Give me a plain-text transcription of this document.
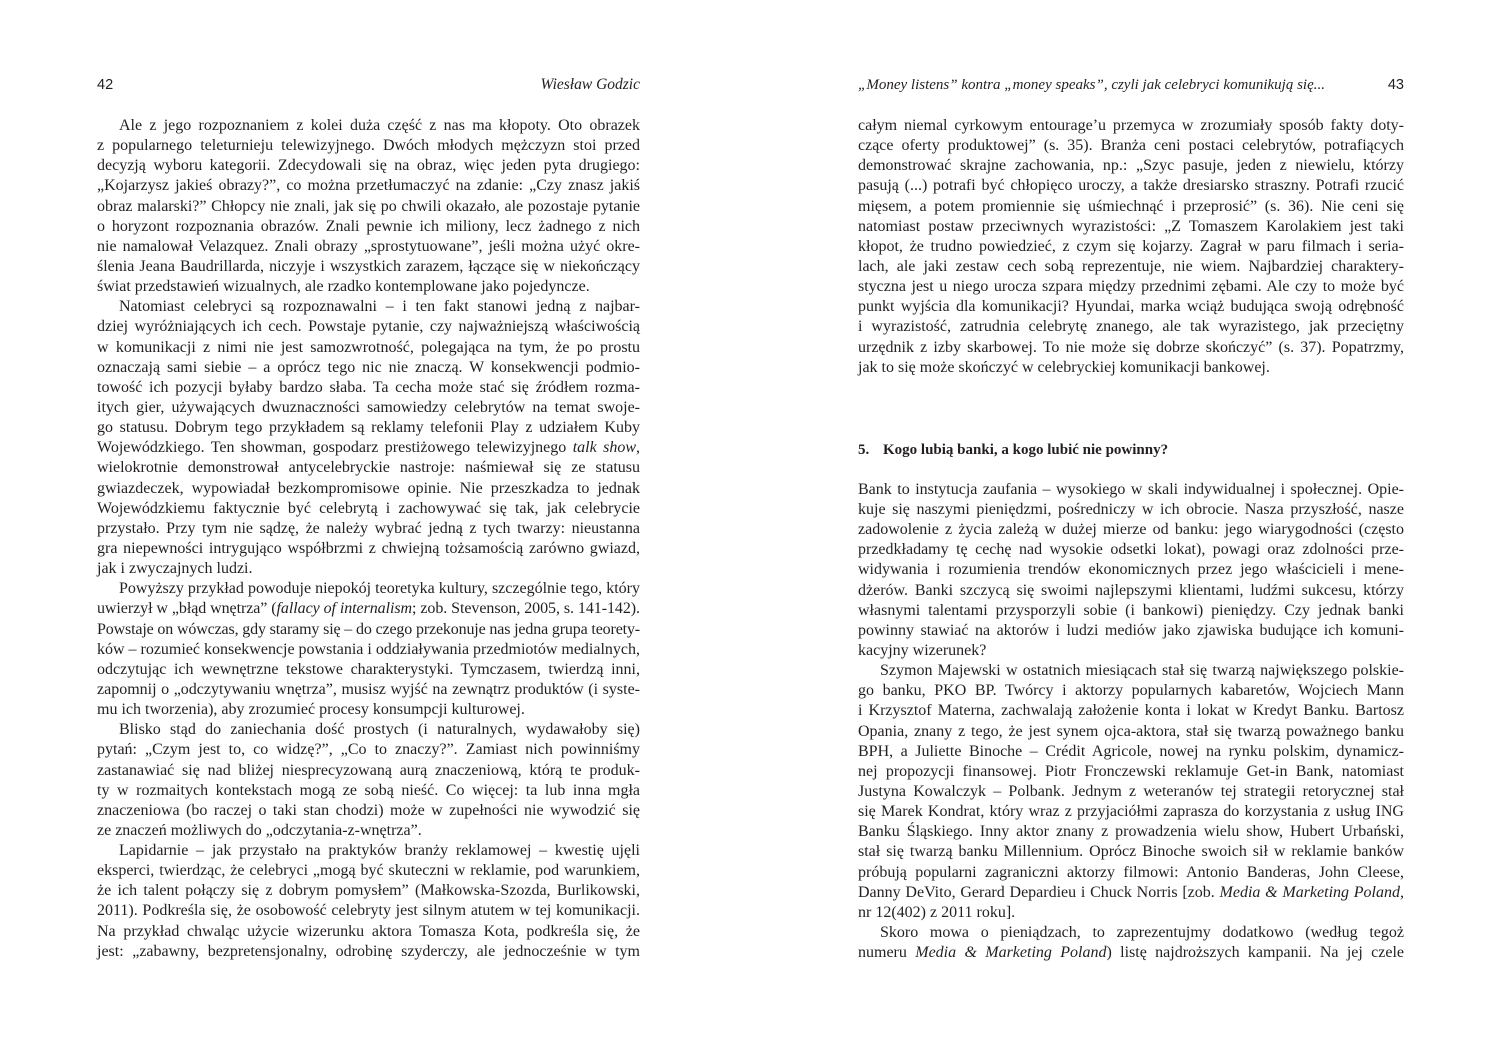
42	Wiesław Godzic
Ale z jego rozpoznaniem z kolei duża część z nas ma kłopoty. Oto obrazek
z popularnego teleturnieju telewizyjnego. Dwóch młodych mężczyzn stoi przed
decyzją wyboru kategorii. Zdecydowali się na obraz, więc jeden pyta drugiego:
„Kojarzysz jakieś obrazy?”, co można przetłumaczyć na zdanie: „Czy znasz jakiś
obraz malarski?” Chłopcy nie znali, jak się po chwili okazało, ale pozostaje pytanie
o horyzont rozpoznania obrazów. Znali pewnie ich miliony, lecz żadnego z nich
nie namalował Velazquez. Znali obrazy „sprostytuowane”, jeśli można użyć okre-
ślenia Jeana Baudrillarda, niczyje i wszystkich zarazem, łączące się w niekończący
świat przedstawień wizualnych, ale rzadko kontemplowane jako pojedyncze.
Natomiast celebryci są rozpoznawalni – i ten fakt stanowi jedną z najbar-
dziej wyróżniających ich cech. Powstaje pytanie, czy najważniejszą właściwością
w komunikacji z nimi nie jest samozwrotność, polegająca na tym, że po prostu
oznaczają sami siebie – a oprócz tego nic nie znaczą. W konsekwencji podmio-
towość ich pozycji byłaby bardzo słaba. Ta cecha może stać się źródłem rozma-
itych gier, używających dwuznaczności samowiedzy celebrytów na temat swoje-
go statusu. Dobrym tego przykładem są reklamy telefonii Play z udziałem Kuby
Wojewódzkiego. Ten showman, gospodarz prestiżowego telewizyjnego talk show,
wielokrotnie demonstrował antycelebryckie nastroje: naśmiewał się ze statusu
gwiazdeczek, wypowiadał bezkompromisowe opinie. Nie przeszkadza to jednak
Wojewódzkiemu faktycznie być celebrytą i zachowywać się tak, jak celebrycie
przystało. Przy tym nie sądzę, że należy wybrać jedną z tych twarzy: nieustanna
gra niepewności intrygująco współbrzmi z chwiejną tożsamością zarówno gwiazd,
jak i zwyczajnych ludzi.
Powyższy przykład powoduje niepokój teoretyka kultury, szczególnie tego, który
uwierzył w „błąd wnętrza” (fallacy of internalism; zob. Stevenson, 2005, s. 141-142).
Powstaje on wówczas, gdy staramy się – do czego przekonuje nas jedna grupa teorety-
ków – rozumieć konsekwencje powstania i oddziaływania przedmiotów medialnych,
odczytując ich wewnętrzne tekstowe charakterystyki. Tymczasem, twierdzą inni,
zapomnij o „odczytywaniu wnętrza”, musisz wyjść na zewnątrz produktów (i syste-
mu ich tworzenia), aby zrozumieć procesy konsumpcji kulturowej.
Blisko stąd do zaniechania dość prostych (i naturalnych, wydawałoby się)
pytań: „Czym jest to, co widzę?”, „Co to znaczy?”. Zamiast nich powinniśmy
zastanawiać się nad bliżej niesprecyzowaną aurą znaczeniową, którą te produk-
ty w rozmaitych kontekstach mogą ze sobą nieść. Co więcej: ta lub inna mgła
znaczeniowa (bo raczej o taki stan chodzi) może w zupełności nie wywodzić się
ze znaczeń możliwych do „odczytania-z-wnętrza”.
Lapidarnie – jak przystało na praktyków branży reklamowej – kwestię ujęli
eksperci, twierdząc, że celebryci „mogą być skuteczni w reklamie, pod warunkiem,
że ich talent połączy się z dobrym pomysłem” (Małkowska-Szozda, Burlikowski,
2011). Podkreśla się, że osobowość celebryty jest silnym atutem w tej komunikacji.
Na przykład chwaląc użycie wizerunku aktora Tomasza Kota, podkreśla się, że
jest: „zabawny, bezpretensjonalny, odrobinę szyderczy, ale jednocześnie w tym
„Money listens” kontra „money speaks”, czyli jak celebryci komunikują się...	43
całym niemal cyrkowym entourage’u przemyca w zrozumiały sposób fakty doty-
czące oferty produktowej” (s. 35). Branża ceni postaci celebrytów, potrafiących
demonstrować skrajne zachowania, np.: „Szyc pasuje, jeden z niewielu, którzy
pasują (...) potrafi być chłopięco uroczy, a także dresiarsko straszny. Potrafi rzucić
mięsem, a potem promiennie się uśmiechnąć i przeprosić” (s. 36). Nie ceni się
natomiast postaw przeciwnych wyrazistości: „Z Tomaszem Karolakiem jest taki
kłopot, że trudno powiedzieć, z czym się kojarzy. Zagrał w paru filmach i seria-
lach, ale jaki zestaw cech sobą reprezentuje, nie wiem. Najbardziej charaktery-
styczna jest u niego urocza szpara między przednimi zębami. Ale czy to może być
punkt wyjścia dla komunikacji? Hyundai, marka wciąż budująca swoją odrębność
i wyrazistość, zatrudnia celebrytę znanego, ale tak wyrazistego, jak przeciętny
urzędnik z izby skarbowej. To nie może się dobrze skończyć” (s. 37). Popatrzmy,
jak to się może skończyć w celebryckiej komunikacji bankowej.
5. Kogo lubią banki, a kogo lubić nie powinny?
Bank to instytucja zaufania – wysokiego w skali indywidualnej i społecznej. Opie-
kuje się naszymi pieniędzmi, pośredniczy w ich obrocie. Nasza przyszłość, nasze
zadowolenie z życia zależą w dużej mierze od banku: jego wiarygodności (często
przedkładamy tę cechę nad wysokie odsetki lokat), powagi oraz zdolności prze-
widywania i rozumienia trendów ekonomicznych przez jego właścicieli i mene-
dżerów. Banki szczycą się swoimi najlepszymi klientami, ludźmi sukcesu, którzy
własnymi talentami przysporzyli sobie (i bankowi) pieniędzy. Czy jednak banki
powinny stawiać na aktorów i ludzi mediów jako zjawiska budujące ich komuni-
kacyjny wizerunek?
Szymon Majewski w ostatnich miesiącach stał się twarzą największego polskie-
go banku, PKO BP. Twórcy i aktorzy popularnych kabaretów, Wojciech Mann
i Krzysztof Materna, zachwalają założenie konta i lokat w Kredyt Banku. Bartosz
Opania, znany z tego, że jest synem ojca-aktora, stał się twarzą poważnego banku
BPH, a Juliette Binoche – Crédit Agricole, nowej na rynku polskim, dynamicz-
nej propozycji finansowej. Piotr Fronczewski reklamuje Get-in Bank, natomiast
Justyna Kowalczyk – Polbank. Jednym z weteranów tej strategii retorycznej stał
się Marek Kondrat, który wraz z przyjaciółmi zaprasza do korzystania z usług ING
Banku Śląskiego. Inny aktor znany z prowadzenia wielu show, Hubert Urbański,
stał się twarzą banku Millennium. Oprócz Binoche swoich sił w reklamie banków
próbują popularni zagraniczni aktorzy filmowi: Antonio Banderas, John Cleese,
Danny DeVito, Gerard Depardieu i Chuck Norris [zob. Media & Marketing Poland,
nr 12(402) z 2011 roku].
Skoro mowa o pieniądzach, to zaprezentujmy dodatkowo (według tegoż
numeru Media & Marketing Poland) listę najdroższych kampanii. Na jej czele
